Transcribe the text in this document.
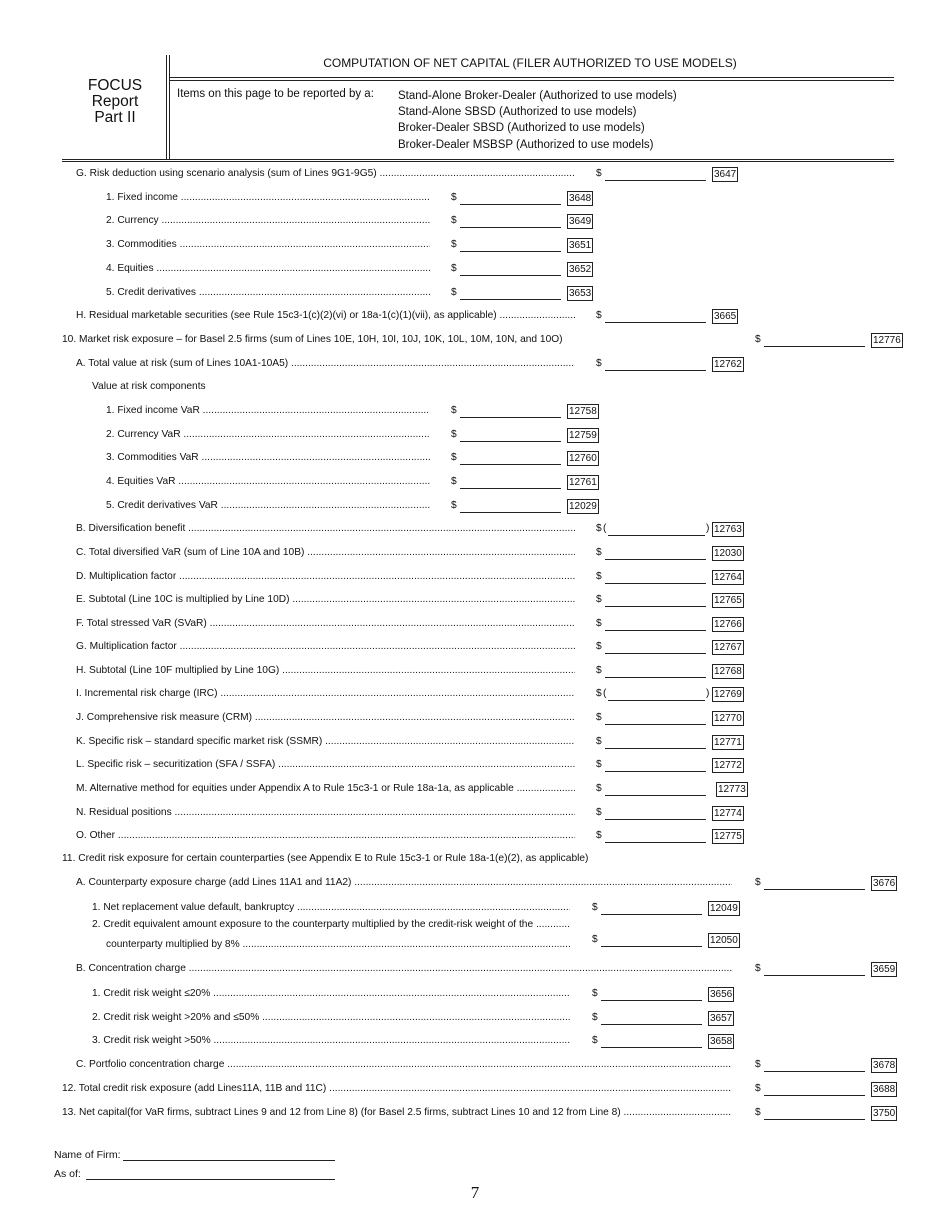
FOCUS
Report
Part II
COMPUTATION OF NET CAPITAL (FILER AUTHORIZED TO USE MODELS)
Items on this page to be reported by a: Stand-Alone Broker-Dealer (Authorized to use models)
Stand-Alone SBSD (Authorized to use models)
Broker-Dealer SBSD (Authorized to use models)
Broker-Dealer MSBSP (Authorized to use models)
G. Risk deduction using scenario analysis (sum of Lines 9G1-9G5) .....	$	3647
1. Fixed income .....	$	3648
2. Currency .....	$	3649
3. Commodities .....	$	3651
4. Equities .....	$	3652
5. Credit derivatives .....	$	3653
H. Residual marketable securities (see Rule 15c3-1(c)(2)(vi) or 18a-1(c)(1)(vii), as applicable) .....	$	3665
10. Market risk exposure – for Basel 2.5 firms (sum of Lines 10E, 10H, 10I, 10J, 10K, 10L, 10M, 10N, and 10O)	$	12776
A. Total value at risk (sum of Lines 10A1-10A5) .....	$	12762
Value at risk components
1. Fixed income VaR .....	$	12758
2. Currency VaR .....	$	12759
3. Commodities VaR .....	$	12760
4. Equities VaR .....	$	12761
5. Credit derivatives VaR .....	$	12029
B. Diversification benefit .....	$ (	) 12763
C. Total diversified VaR (sum of Line 10A and 10B) .....	$	12030
D. Multiplication factor .....	$	12764
E. Subtotal (Line 10C is multiplied by Line 10D) .....	$	12765
F. Total stressed VaR (SVaR) .....	$	12766
G. Multiplication factor .....	$	12767
H. Subtotal (Line 10F multiplied by Line 10G) .....	$	12768
I. Incremental risk charge (IRC) .....	$ (	) 12769
J. Comprehensive risk measure (CRM) .....	$	12770
K. Specific risk – standard specific market risk (SSMR) .....	$	12771
L. Specific risk – securitization (SFA / SSFA) .....	$	12772
M. Alternative method for equities under Appendix A to Rule 15c3-1 or Rule 18a-1a, as applicable .....	$	12773
N. Residual positions .....	$	12774
O. Other .....	$	12775
11. Credit risk exposure for certain counterparties (see Appendix E to Rule 15c3-1 or Rule 18a-1(e)(2), as applicable)
A. Counterparty exposure charge (add Lines 11A1 and 11A2) .....	$	3676
1. Net replacement value default, bankruptcy .....	$	12049
2. Credit equivalent amount exposure to the counterparty multiplied by the credit-risk weight of the .....
counterparty multiplied by 8% .....	$	12050
B. Concentration charge .....	$	3659
1. Credit risk weight ≤20% .....	$	3656
2. Credit risk weight >20% and ≤50% .....	$	3657
3. Credit risk weight >50% .....	$	3658
C. Portfolio concentration charge .....	$	3678
12. Total credit risk exposure (add Lines11A, 11B and 11C) .....	$	3688
13. Net capital(for VaR firms, subtract Lines 9 and 12 from Line 8) (for Basel 2.5 firms, subtract Lines 10 and 12 from Line 8) .....	$	3750
Name of Firm:
As of:
7
